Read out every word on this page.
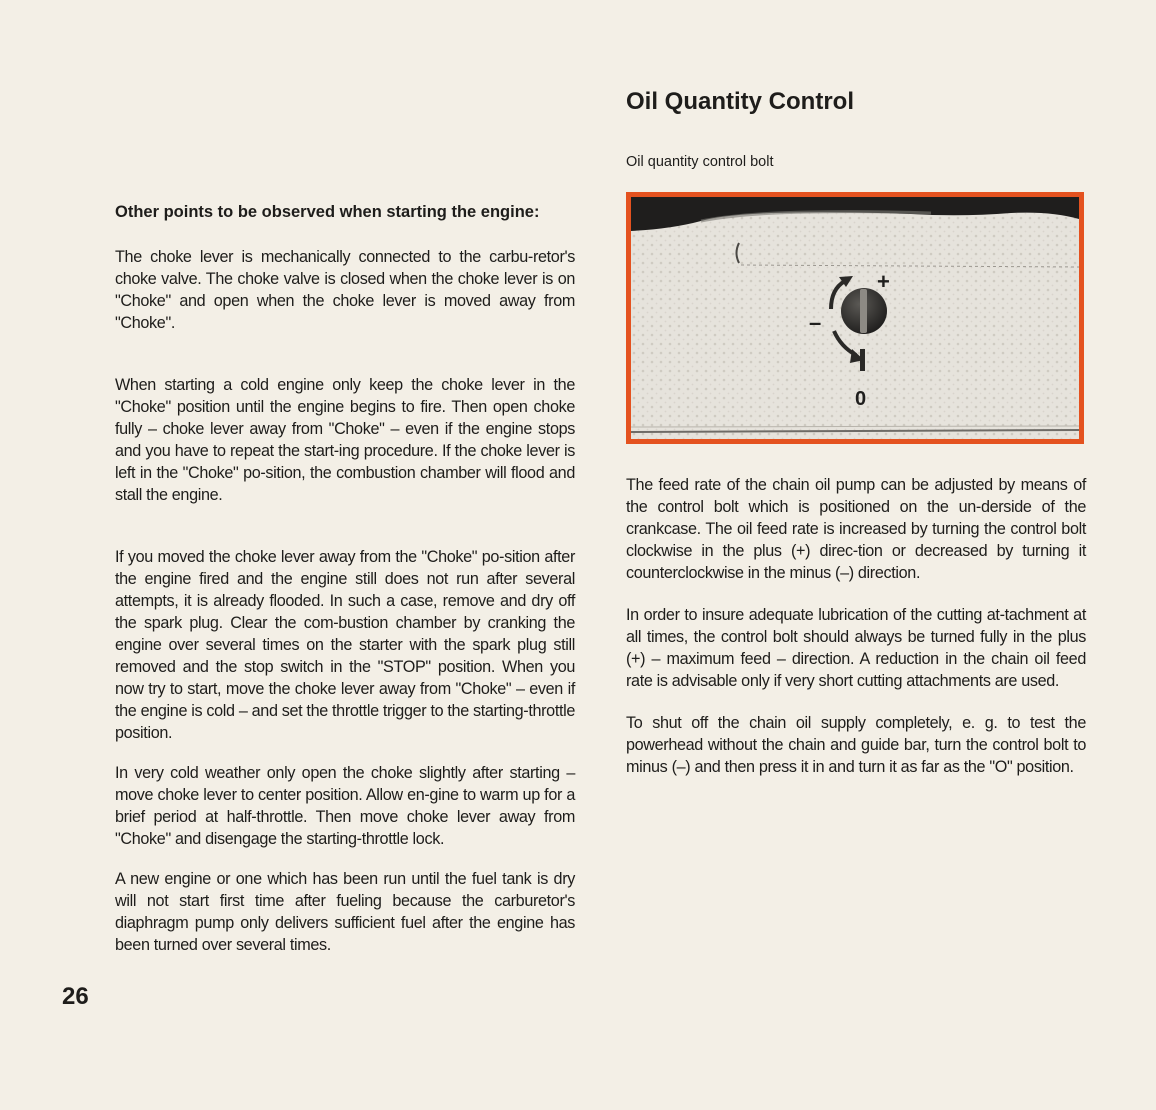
Other points to be observed when starting the engine:

The choke lever is mechanically connected to the carbu-retor's choke valve. The choke valve is closed when the choke lever is on "Choke" and open when the choke lever is moved away from "Choke".

When starting a cold engine only keep the choke lever in the "Choke" position until the engine begins to fire. Then open choke fully – choke lever away from "Choke" – even if the engine stops and you have to repeat the start-ing procedure. If the choke lever is left in the "Choke" po-sition, the combustion chamber will flood and stall the engine.

If you moved the choke lever away from the "Choke" po-sition after the engine fired and the engine still does not run after several attempts, it is already flooded. In such a case, remove and dry off the spark plug. Clear the com-bustion chamber by cranking the engine over several times on the starter with the spark plug still removed and the stop switch in the "STOP" position. When you now try to start, move the choke lever away from "Choke" – even if the engine is cold – and set the throttle trigger to the starting-throttle position.

In very cold weather only open the choke slightly after starting – move choke lever to center position. Allow en-gine to warm up for a brief period at half-throttle. Then move choke lever away from "Choke" and disengage the starting-throttle lock.

A new engine or one which has been run until the fuel tank is dry will not start first time after fueling because the carburetor's diaphragm pump only delivers sufficient fuel after the engine has been turned over several times.

26
Oil Quantity Control

Oil quantity control bolt

+
–
0

The feed rate of the chain oil pump can be adjusted by means of the control bolt which is positioned on the un-derside of the crankcase. The oil feed rate is increased by turning the control bolt clockwise in the plus (+) direc-tion or decreased by turning it counterclockwise in the minus (–) direction.

In order to insure adequate lubrication of the cutting at-tachment at all times, the control bolt should always be turned fully in the plus (+) – maximum feed – direction. A reduction in the chain oil feed rate is advisable only if very short cutting attachments are used.

To shut off the chain oil supply completely, e. g. to test the powerhead without the chain and guide bar, turn the control bolt to minus (–) and then press it in and turn it as far as the "O" position.
